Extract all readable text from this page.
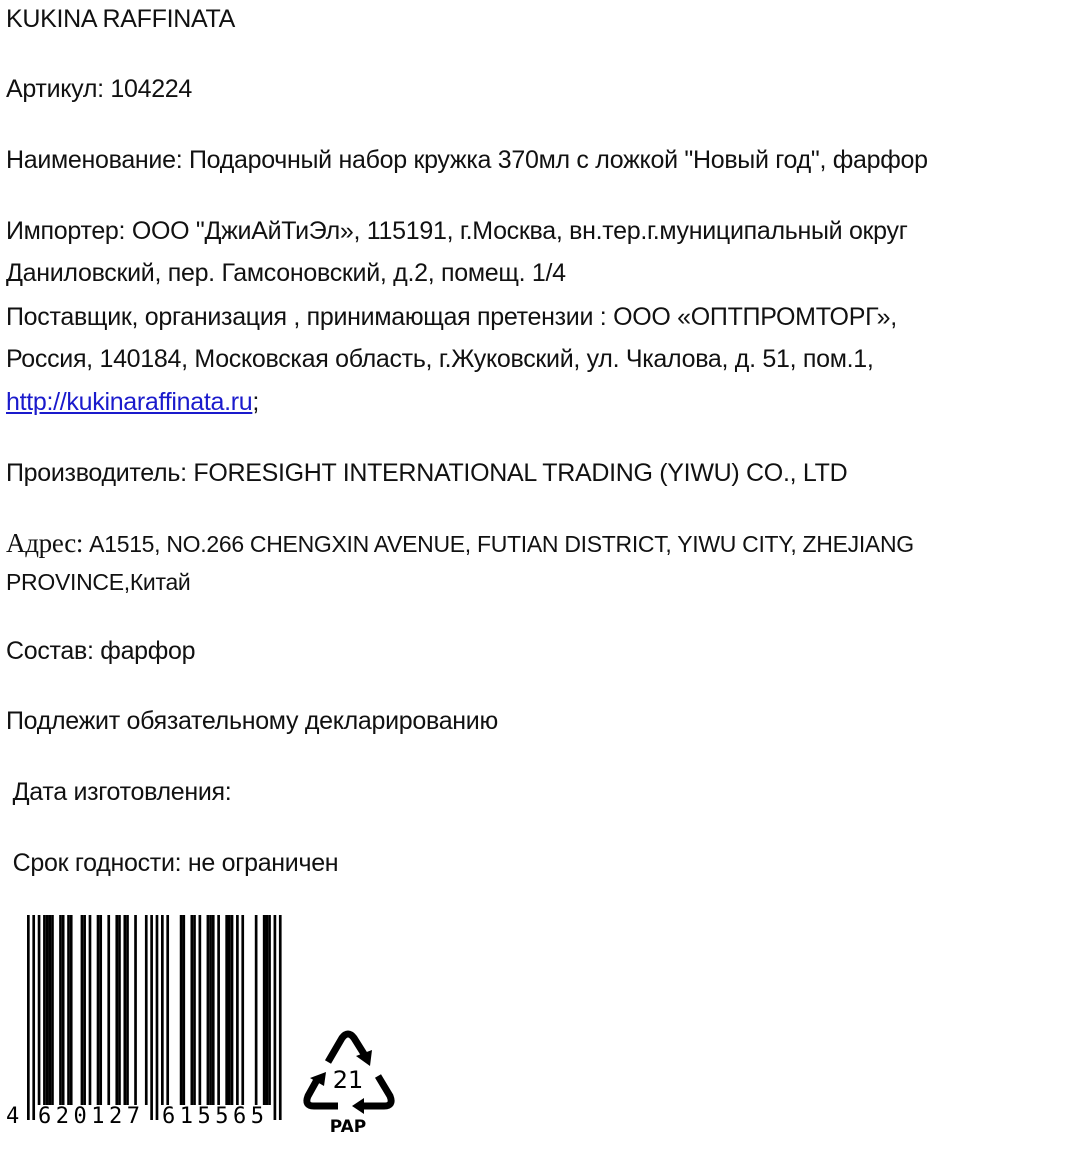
KUKINA RAFFINATA
Артикул: 104224
Наименование: Подарочный набор кружка 370мл с ложкой "Новый год", фарфор
Импортер: ООО "ДжиАйТиЭл», 115191, г.Москва, вн.тер.г.муниципальный округ
Даниловский, пер. Гамсоновский, д.2, помещ. 1/4
Поставщик, организация , принимающая претензии : ООО «ОПТПРОМТОРГ»,
Россия, 140184, Московская область, г.Жуковский, ул. Чкалова, д. 51, пом.1,
http://kukinaraffinata.ru;
Производитель: FORESIGHT INTERNATIONAL TRADING (YIWU) CO., LTD
Адрес: A1515, NO.266 CHENGXIN AVENUE, FUTIAN DISTRICT, YIWU CITY, ZHEJIANG
PROVINCE,Китай
Состав: фарфор
Подлежит обязательному декларированию
Дата изготовления:
Срок годности: не ограничен
4 620127 615565
21
PAP
